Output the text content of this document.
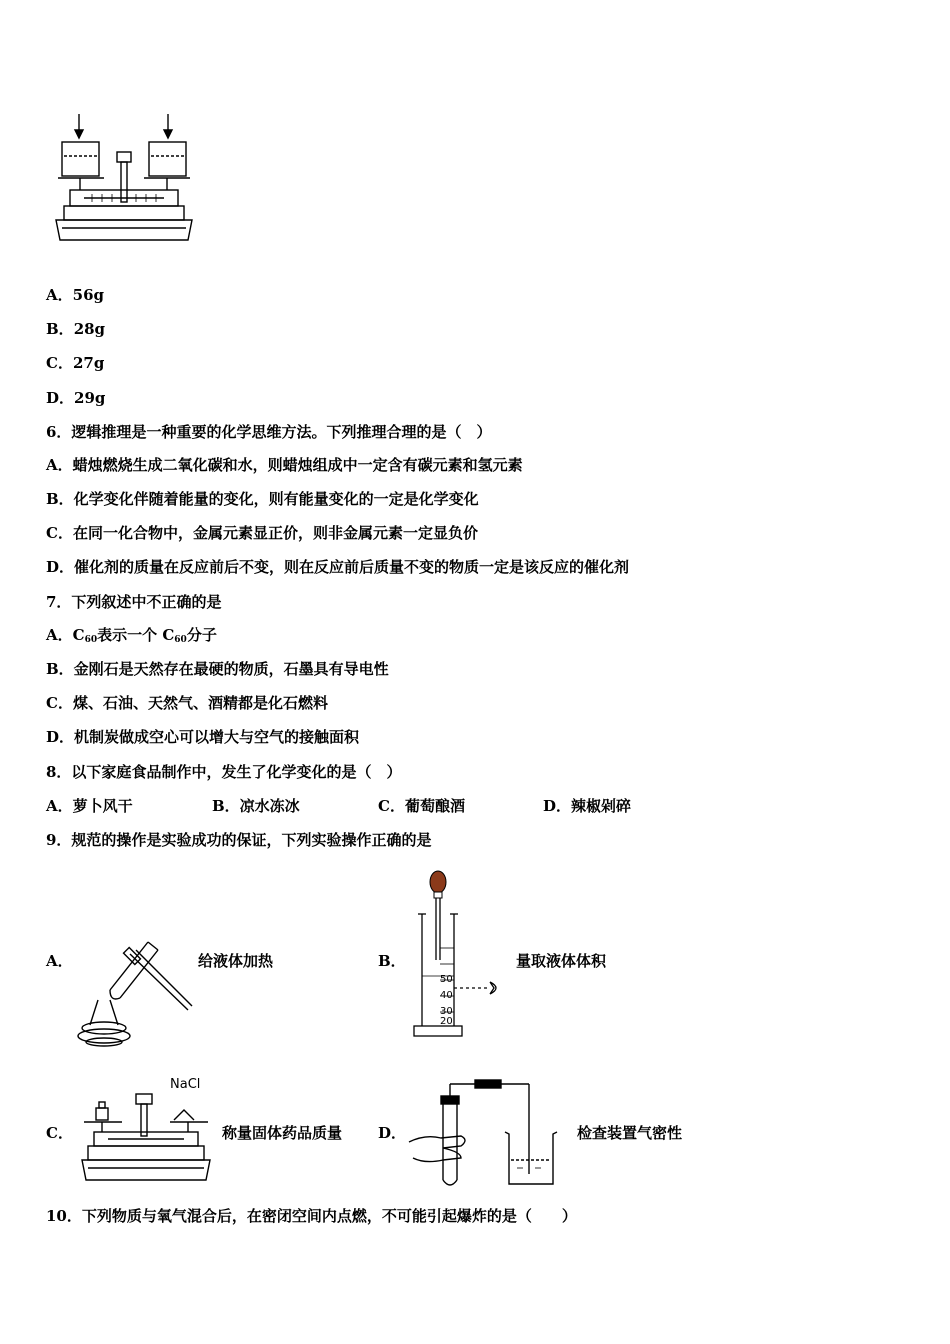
A．56g
B．28g
C．27g
D．29g
6．逻辑推理是一种重要的化学思维方法。下列推理合理的是（　）
A．蜡烛燃烧生成二氧化碳和水，则蜡烛组成中一定含有碳元素和氢元素
B．化学变化伴随着能量的变化，则有能量变化的一定是化学变化
C．在同一化合物中，金属元素显正价，则非金属元素一定显负价
D．催化剂的质量在反应前后不变，则在反应前后质量不变的物质一定是该反应的催化剂
7．下列叙述中不正确的是
A．$C_{60}$表示一个 $C_{60}$分子
B．金刚石是天然存在最硬的物质，石墨具有导电性
C．煤、石油、天然气、酒精都是化石燃料
D．机制炭做成空心可以增大与空气的接触面积
8．以下家庭食品制作中，发生了化学变化的是（　）
A．萝卜风干	B．凉水冻冰	C．葡萄酿酒	D．辣椒剁碎
9．规范的操作是实验成功的保证，下列实验操作正确的是
A．	给液体加热	B．
50
40
30
20
量取液体体积
C．
NaCl
称量固体药品质量 D．	检查装置气密性
10．下列物质与氧气混合后，在密闭空间内点燃，不可能引起爆炸的是（　　）
